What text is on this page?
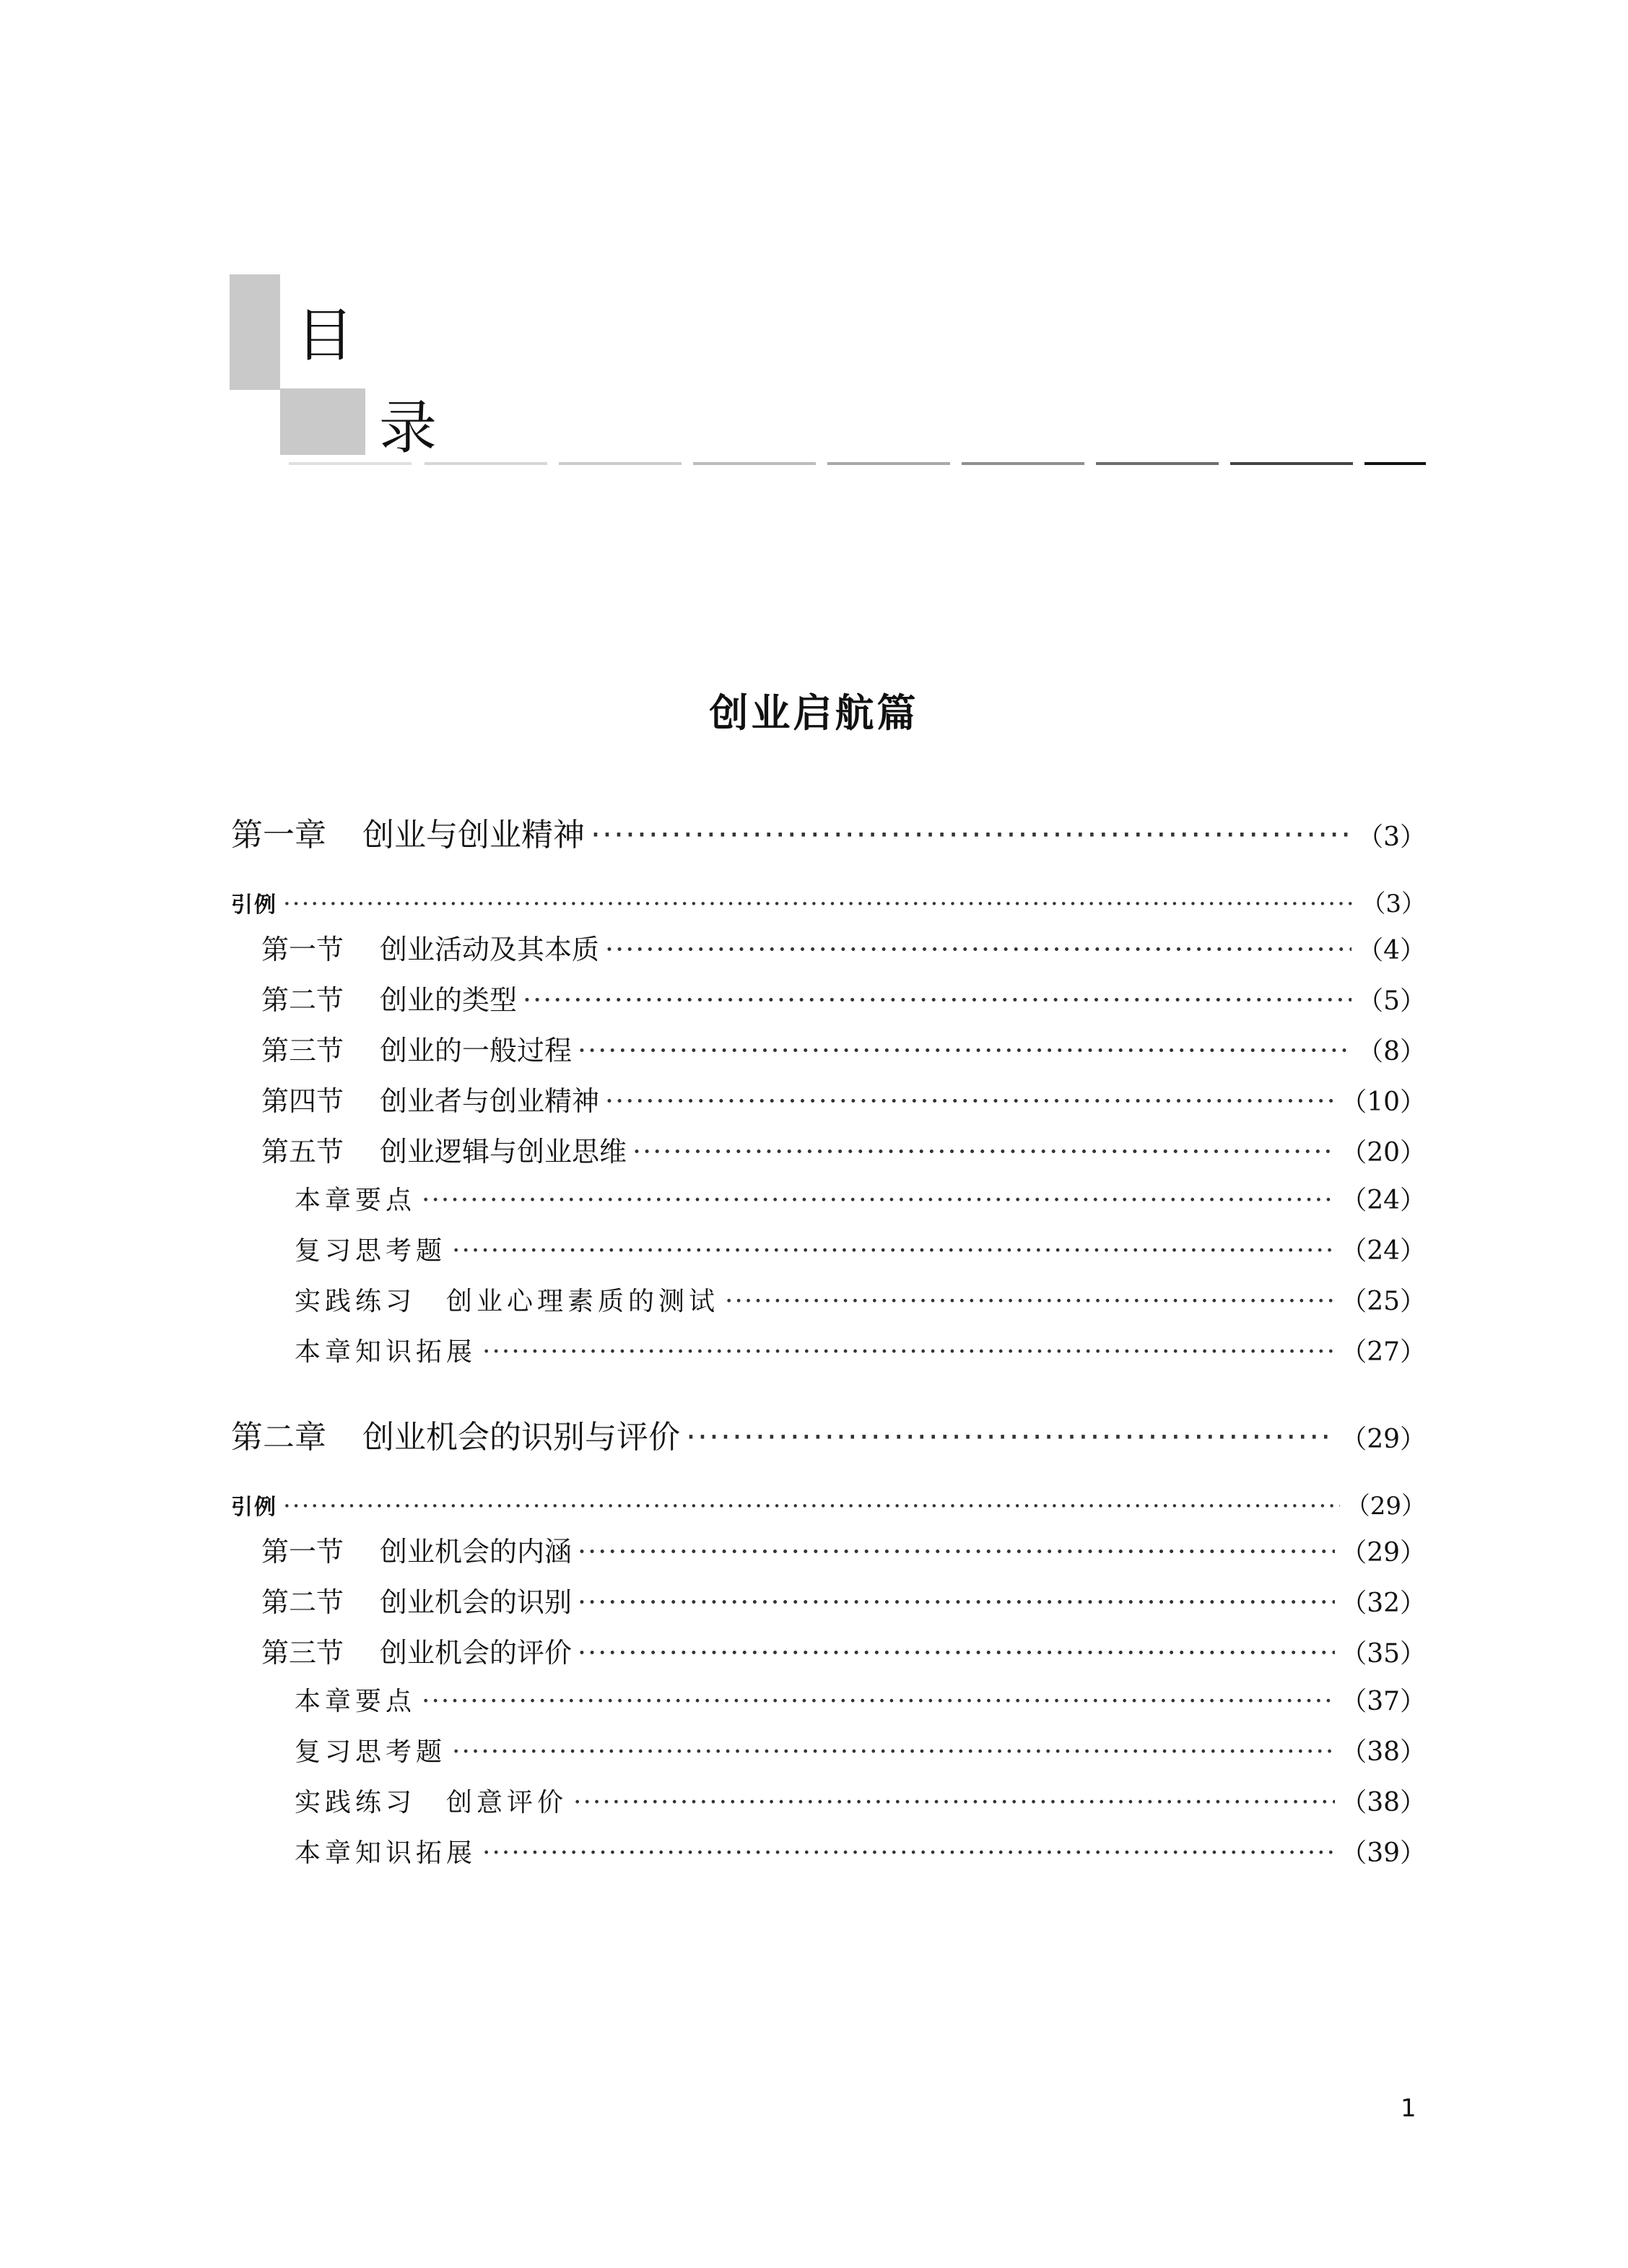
目
录
创业启航篇
第一章 创业与创业精神 ·····	（3）
引例 ·····	（3）
第一节 创业活动及其本质 ·····	（4）
第二节 创业的类型 ·····	（5）
第三节 创业的一般过程 ·····	（8）
第四节 创业者与创业精神 ·····	（10）
第五节 创业逻辑与创业思维 ·····	（20）
本章要点 ·····	（24）
复习思考题 ·····	（24）
实践练习　创业心理素质的测试 ·····	（25）
本章知识拓展 ·····	（27）
第二章 创业机会的识别与评价 ·····	（29）
引例 ·····	（29）
第一节 创业机会的内涵 ·····	（29）
第二节 创业机会的识别 ·····	（32）
第三节 创业机会的评价 ·····	（35）
本章要点 ·····	（37）
复习思考题 ·····	（38）
实践练习　创意评价 ·····	（38）
本章知识拓展 ·····	（39）
1
